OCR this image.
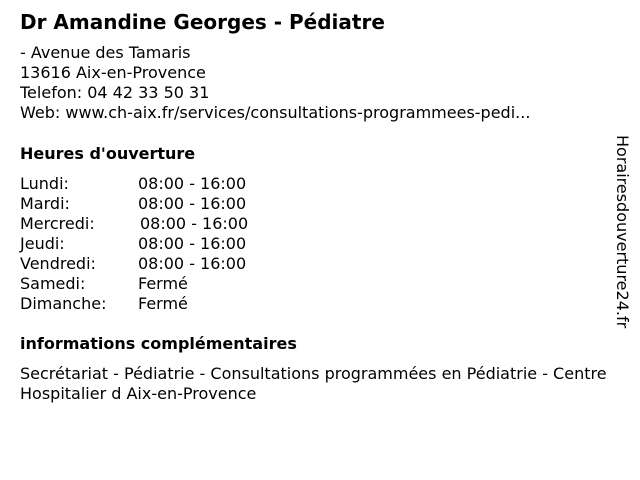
Dr Amandine Georges - Pédiatre
- Avenue des Tamaris
13616 Aix-en-Provence
Telefon: 04 42 33 50 31
Web: www.ch-aix.fr/services/consultations-programmees-pedi...
Heures d'ouverture
Lundi:	08:00 - 16:00
Mardi:	08:00 - 16:00
Mercredi:	08:00 - 16:00
Jeudi:	08:00 - 16:00
Vendredi:	08:00 - 16:00
Samedi:	Fermé
Dimanche: Fermé
informations complémentaires
Secrétariat - Pédiatrie - Consultations programmées en Pédiatrie - Centre Hospitalier d Aix-en-Provence
Horairesdouverture24.fr
